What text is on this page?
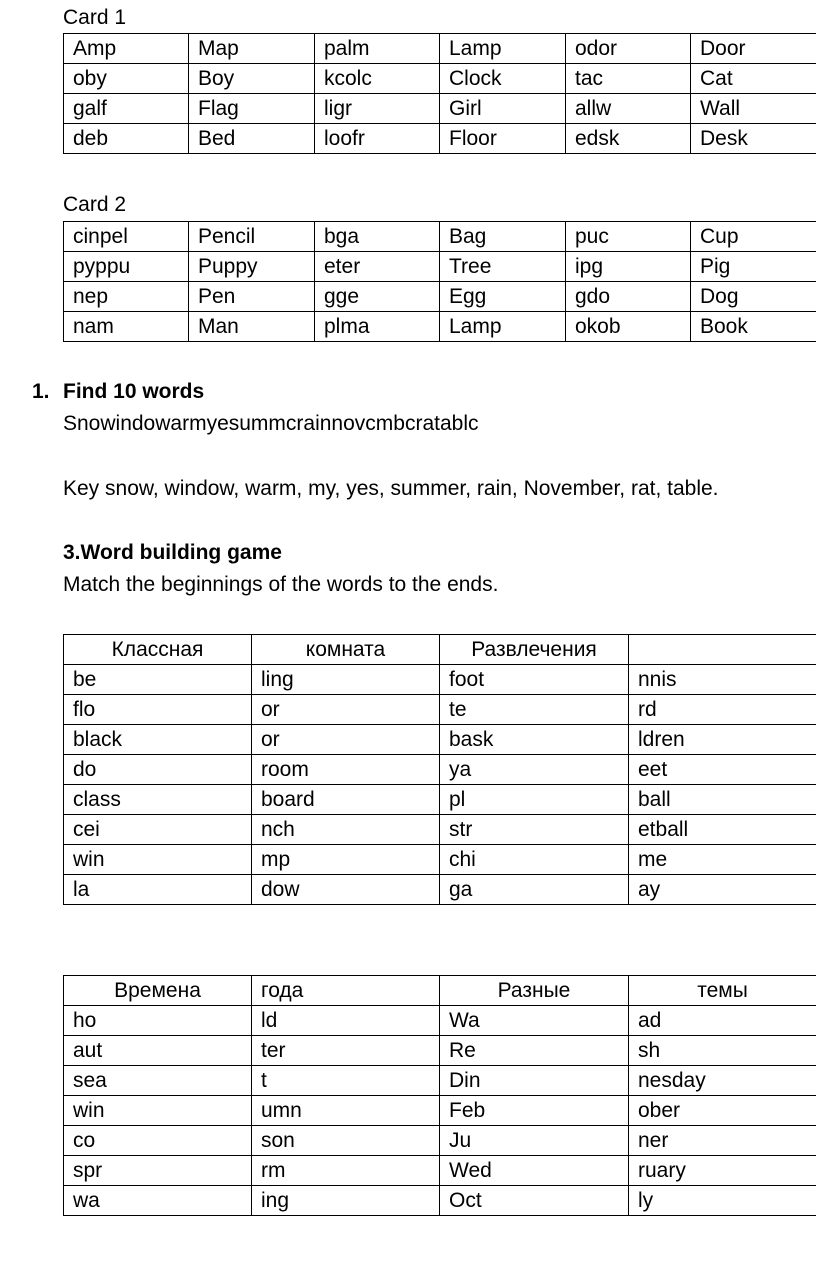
Card 1
Amp	Map	palm	Lamp	odor	Door
oby	Boy	kcolc	Clock	tac	Cat
galf	Flag	ligr	Girl	allw	Wall
deb	Bed	loofr	Floor	edsk	Desk
Card 2
cinpel	Pencil	bga	Bag	puc	Cup
pyppu	Puppy	eter	Tree	ipg	Pig
nep	Pen	gge	Egg	gdo	Dog
nam	Man	plma	Lamp	okob	Book
1. Find 10 words
Snowindowarmyesummcrainnovcmbcratablc
Key snow, window, warm, my, yes, summer, rain, November, rat, table.
3.Word building game
Match the beginnings of the words to the ends.
Классная	комната	Развлечения	
be	ling	foot	nnis
flo	or	te	rd
black	or	bask	ldren
do	room	ya	eet
class	board	pl	ball
cei	nch	str	etball
win	mp	chi	me
la	dow	ga	ay
Времена	года	Разные	темы
ho	ld	Wa	ad
aut	ter	Re	sh
sea	t	Din	nesday
win	umn	Feb	ober
co	son	Ju	ner
spr	rm	Wed	ruary
wa	ing	Oct	ly
